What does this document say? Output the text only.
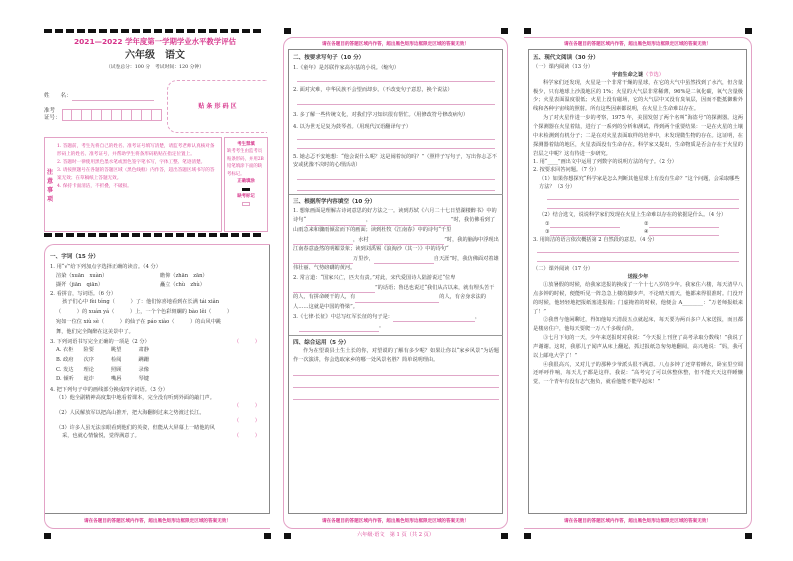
2021—2022 学年度第一学期学业水平教学评估
六年级　语文
（试卷总分：100 分　考试时间：120 分钟）
姓　　名：
准考
证号：
贴 条 形 码 区
注
意
事
项
1. 答题前，考生先将自己的姓名、准考证号填写清楚，请监考老师认真核对条形码上的姓名、准考证号，并帮助学生将条形码粘贴在指定位置上。
2. 答题时一律使用黑色墨水笔或黑色签字笔书写，字体工整、笔迹清楚。
3. 请按照题号在各题的答题区域（黑色线框）内作答，超出答题区域书写的答案无效；在草稿纸上答题无效。
4. 保持卡面清洁，不折叠，不破损。
考生禁填
缺考考生由监考员贴条形码，并用2B铅笔填涂下面的缺考标记。
正确填涂
缺考标记
请在各题目的答题区域内作答，超出黑色矩形边框限定区域的答案无效！
一、字词（15 分）
1. 用“√”给下列加点字选择正确的读音。（4 分）
渲染（xuān　xuàn）	瞻仰（zhān　zān）
撷歼（jiān　qiān）	矗立（chù　zhù）
2. 看拼音，写词语。（6 分）
孩子们心中 fèi téng（　　　）了：他们惊喜地看到在长满 tái xiǎn
（　　　）的 xuán yá（　　　）上，一个个色彩斑斓的 bào lěi（　　　）
宛如一位位 xiù sè（　　　）的仙子在 páo xiào（　　　）的山风中跳
舞，他们完全陶醉在这美景中了。
（　　　）
3. 下列词语书写完全正确的一项是（2 分）
A. 衣柜	险要	眺望	肃静
B. 政府	次序	检阅	蹒跚
C. 发达	理论	照顾	录像
D. 倾听	诡诈	嘴唇	琴键
4. 把下列句子中的画线部分换成四字词语。（3 分）
（1）他全副精神高度集中地看着课本，完全没有听到外面的敲门声。
（　　　）
（2）人民解放军以把高山推开，把大海翻倒过来之势渡过长江。
（　　　）
（3）许多人虽无法亲眼看到他们的英姿，但能从大屏幕上一睹他的风
（　　　）
采，也就心情愉悦，觉得满意了。
请在各题目的答题区域内作答，超出黑色矩形边框限定区域的答案无效！
请在各题目的答题区域内作答，超出黑色矩形边框限定区域的答案无效！
二、按要求写句子（10 分）
1.《童年》是苏联作家高尔基的小说。（缩句）
2. 面对灾难，中华民族不会望而却步。（不改变句子意思，换个说法）
3. 多了解一些传统文化，对我们学习知识很有帮忙。（用修改符号修改病句）
4. 以为世无足复为鼓琴者。（用现代汉语翻译句子）
5. 她忐忑不安地想：“他会说什么呢？这是闹着玩的吗？”（照样子写句子，写出你忐忑不安或犹豫不决时的心理活动）
三、根据所学内容填空（10 分）
1. 想象画面是理解古诗词意思的好方法之一。读到苏轼《六月二十七日望湖楼醉书》中的诗句“	，	”时，我仿佛看到了山雨急来和骤雨倾盆而下的画面；读到杜牧《江南春》中的诗句“千里，水村	”时，我的脑海中浮现出江南春意盎然的明媚景象；读到刘禹锡《浪淘沙（其一）》中的诗句“万里沙，	自天涯”时，我仿佛面对着雄伟壮丽、气势磅礴的黄河。
2. 常言道：“国家兴亡，匹夫有责。”对此，宋代爱国诗人陆游说过“位卑”的话语；鲁迅也说过“我们从古以来，就有埋头苦干的人，有拼命硬干的人，有	的人，有舍身求法的人……这就是中国的脊梁”。
3.《七律·长征》中总写红军长征的句子是：	，
。
四、综合运用（5 分）
作为在望谟县土生土长的你，对望谟的了解有多少呢？如果让你以“家乡风景”为话题作一次演讲，你会选取家乡的哪一处风景名胜？简单说明理由。
六年级·语文　第 1 页（共 2 页）
请在各题目的答题区域内作答，超出黑色矩形边框限定区域的答案无效！
请在各题目的答题区域内作答，超出黑色矩形边框限定区域的答案无效！
五、现代文阅读（30 分）
（一）课内阅读（13 分）
宇宙生命之谜（节选）
科学家们还发现，火星是一个非常干燥的星球，在它的大气中虽然找到了水汽，但含量极少，只有地球上沙漠地区的 1%；火星的大气层非常稀薄，96%是二氧化碳，氧气含量极少；火星表面温度很低；火星上没有磁场，它的大气层中又没有臭氧层，因而不能抵御紫外线和各种宇宙线的照射。所有这些因素都说明，在火星上生命难以存在。
为了对火星作进一步的考察，1975 年，美国发射了两个名叫“海盗号”的探测器。这两个探测器在火星着陆，进行了一系列的分析和测试，得到两个重要结果：一是在火星的土壤中未检测到有机分子；二是在对火星表面取样的培养中，未发现微生物的存在。这证明，在探测器着陆的地区，火星表面没有生命存在。科学家又提出，生命物质是否会存在于火星的岩层之中呢？这有待进一步研究。
1. 用“____”画出文中运用了列数字的说明方法的句子。（2 分）
2. 按要求回答问题。（7 分）
（1）如果你想探究“科学家是怎么判断其他星球上有没有生命？”这个问题，会采取哪些方法？（3 分）
（2）结合选文，说说科学家们发现在火星上生命难以存在的依据是什么。（4 分）
①	②
③	④
3. 用简洁的语言依次概括第 2 自然段的意思。（4 分）
（二）课外阅读（17 分）
送报少年
①放暑假的时候，给我家送报的换成了一个十七八岁的少年。我家住六楼，每天清早八点多钟的时候，便能听见一阵急急上楼的脚步声。不论晴天雨天，他都来得很准时。门没开的时候，他轻轻地把报纸塞进报箱；门虚掩着的时候，他便会 A________：“万老师报纸来了！”
②我曾与他闲聊过，得知他每天清晨五点就起床，每天要为两百多户人家送报，而且都是楼房住户，他每天要爬一万八千多级台阶。
③七月下旬的一天，少年来送报时对我说：“今天报上刊登了高考录取分数线！”我说了声谢谢。这时，我那儿子闻声从床上翻起，抓过报纸急匆匆地翻阅，高兴地说：“妈，我可以上邮电大学了！”
④我很高兴，又对儿子的那种少爷派头很不满意。八点多钟了还穿着睡衣，卧室里空调还呼呼作响，每天儿子都是这样。我说：“高考完了可以休整休整，但不能天天这样睡懒觉，一个青年有没有志气抱负，就看他能不能早起床！”
